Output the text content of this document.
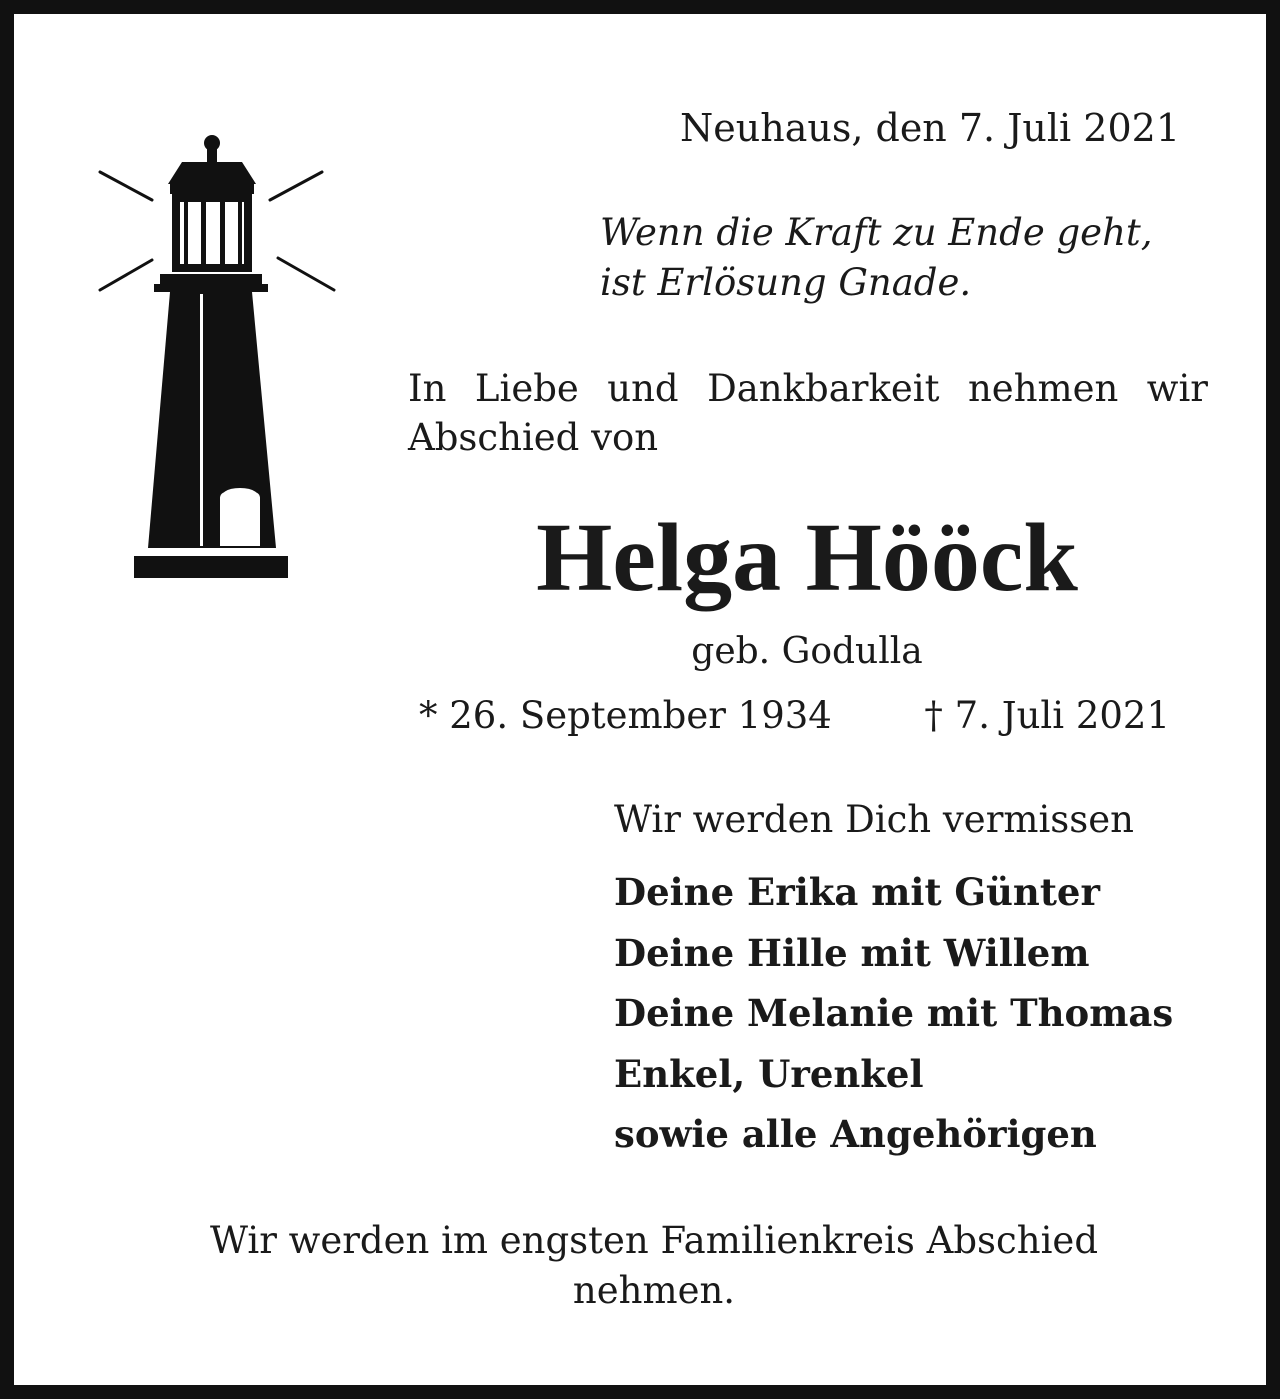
Neuhaus, den 7. Juli 2021

Wenn die Kraft zu Ende geht,
ist Erlösung Gnade.

In Liebe und Dankbarkeit nehmen wir Abschied von

Helga Hööck

geb. Godulla

* 26. September 1934	† 7. Juli 2021

Wir werden Dich vermissen

Deine Erika mit Günter
Deine Hille mit Willem
Deine Melanie mit Thomas
Enkel, Urenkel
sowie alle Angehörigen
Wir werden im engsten Familienkreis Abschied
nehmen.
